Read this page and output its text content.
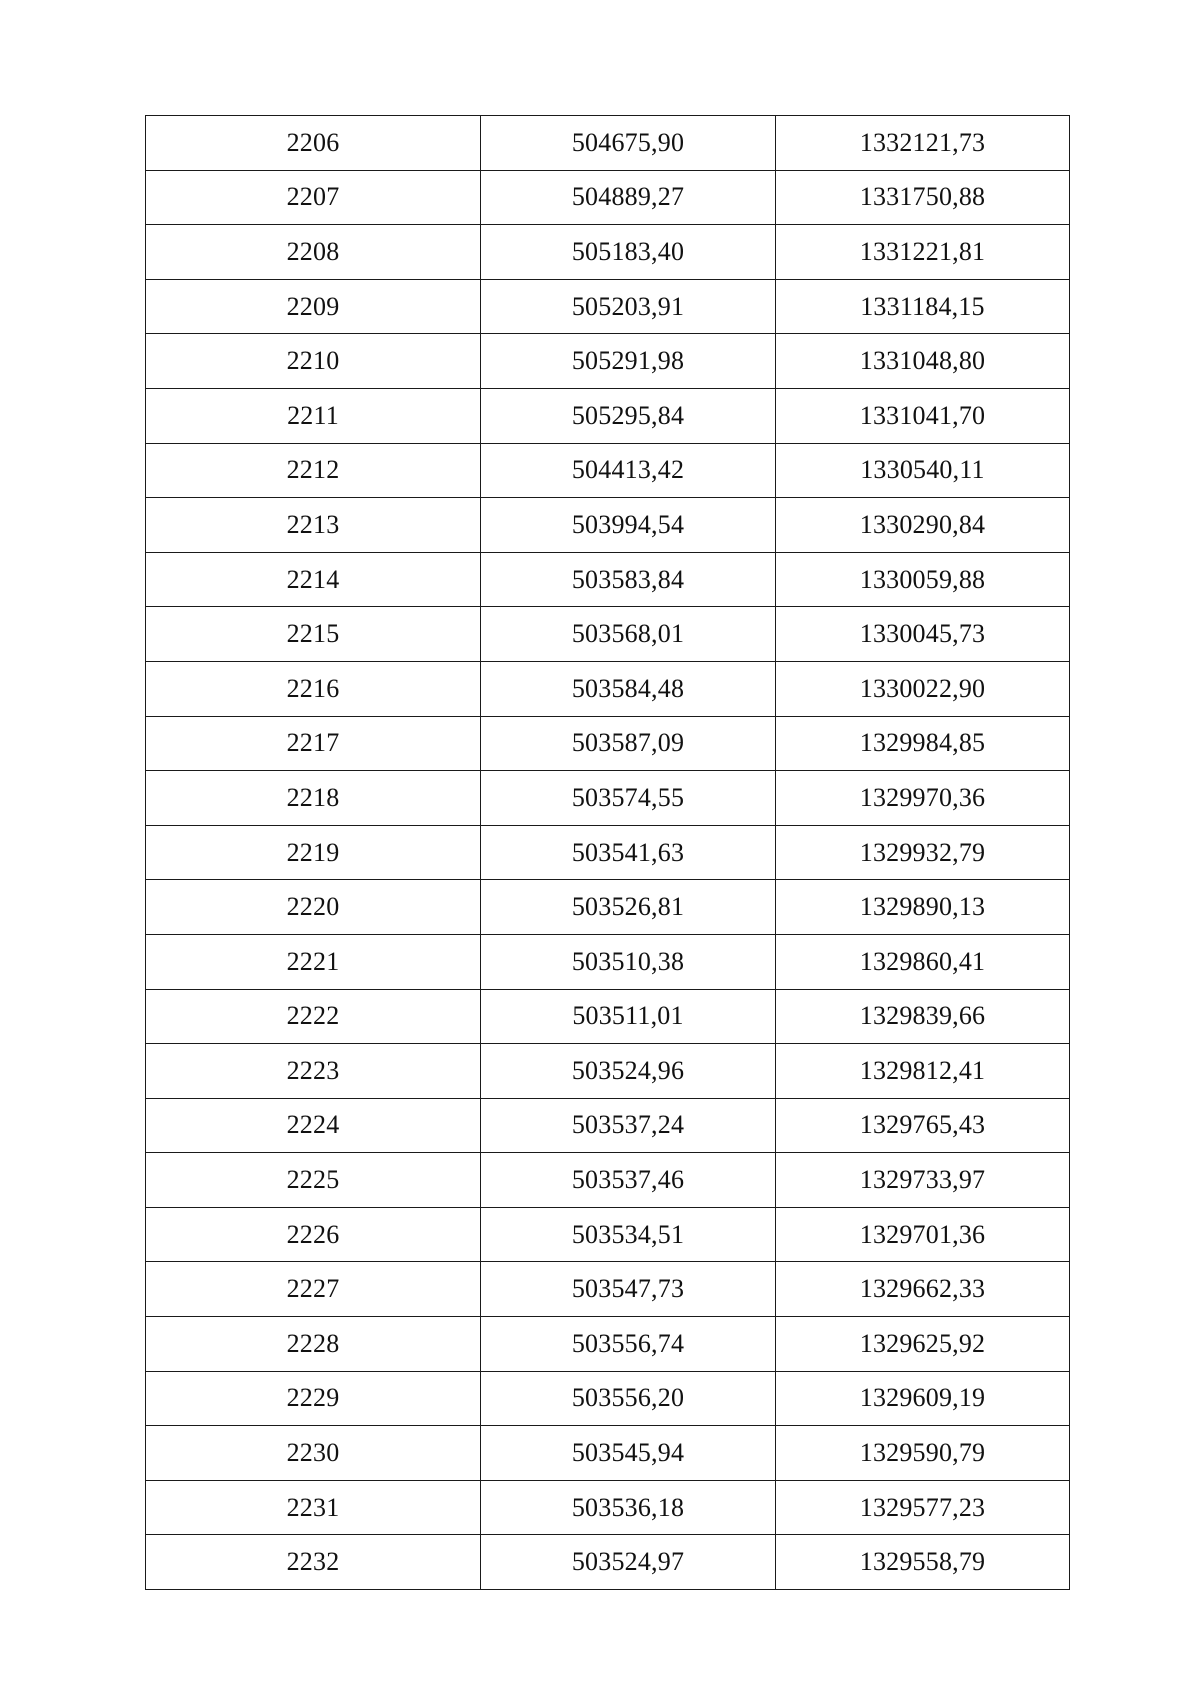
2206	504675,90	1332121,73
2207	504889,27	1331750,88
2208	505183,40	1331221,81
2209	505203,91	1331184,15
2210	505291,98	1331048,80
2211	505295,84	1331041,70
2212	504413,42	1330540,11
2213	503994,54	1330290,84
2214	503583,84	1330059,88
2215	503568,01	1330045,73
2216	503584,48	1330022,90
2217	503587,09	1329984,85
2218	503574,55	1329970,36
2219	503541,63	1329932,79
2220	503526,81	1329890,13
2221	503510,38	1329860,41
2222	503511,01	1329839,66
2223	503524,96	1329812,41
2224	503537,24	1329765,43
2225	503537,46	1329733,97
2226	503534,51	1329701,36
2227	503547,73	1329662,33
2228	503556,74	1329625,92
2229	503556,20	1329609,19
2230	503545,94	1329590,79
2231	503536,18	1329577,23
2232	503524,97	1329558,79
